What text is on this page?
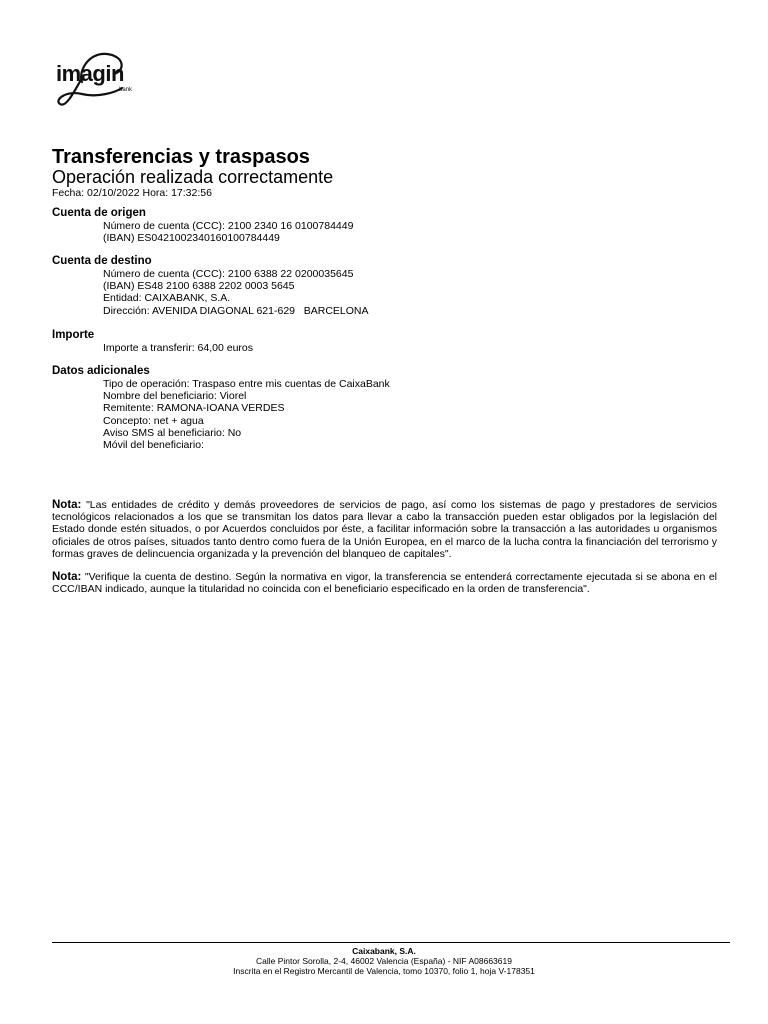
imagin
bank

Transferencias y traspasos

Operación realizada correctamente

Fecha: 02/10/2022 Hora: 17:32:56

Cuenta de origen

Número de cuenta (CCC): 2100 2340 16 0100784449
(IBAN) ES0421002340160100784449

Cuenta de destino

Número de cuenta (CCC): 2100 6388 22 0200035645
(IBAN) ES48 2100 6388 2202 0003 5645
Entidad: CAIXABANK, S.A.
Dirección: AVENIDA DIAGONAL 621-629   BARCELONA

Importe

Importe a transferir: 64,00 euros

Datos adicionales

Tipo de operación: Traspaso entre mis cuentas de CaixaBank
Nombre del beneficiario: Viorel
Remitente: RAMONA-IOANA VERDES
Concepto: net + agua
Aviso SMS al beneficiario: No
Móvil del beneficiario:

Nota: "Las entidades de crédito y demás proveedores de servicios de pago, así como los sistemas de pago y prestadores de servicios tecnológicos relacionados a los que se transmitan los datos para llevar a cabo la transacción pueden estar obligados por la legislación del Estado donde estén situados, o por Acuerdos concluidos por éste, a facilitar información sobre la transacción a las autoridades u organismos oficiales de otros países, situados tanto dentro como fuera de la Unión Europea, en el marco de la lucha contra la financiación del terrorismo y formas graves de delincuencia organizada y la prevención del blanqueo de capitales".

Nota: "Verifique la cuenta de destino. Según la normativa en vigor, la transferencia se entenderá correctamente ejecutada si se abona en el CCC/IBAN indicado, aunque la titularidad no coincida con el beneficiario especificado en la orden de transferencia".

Caixabank, S.A.
Calle Pintor Sorolla, 2-4, 46002 Valencia (España) - NIF A08663619
Inscrita en el Registro Mercantil de Valencia, tomo 10370, folio 1, hoja V-178351
